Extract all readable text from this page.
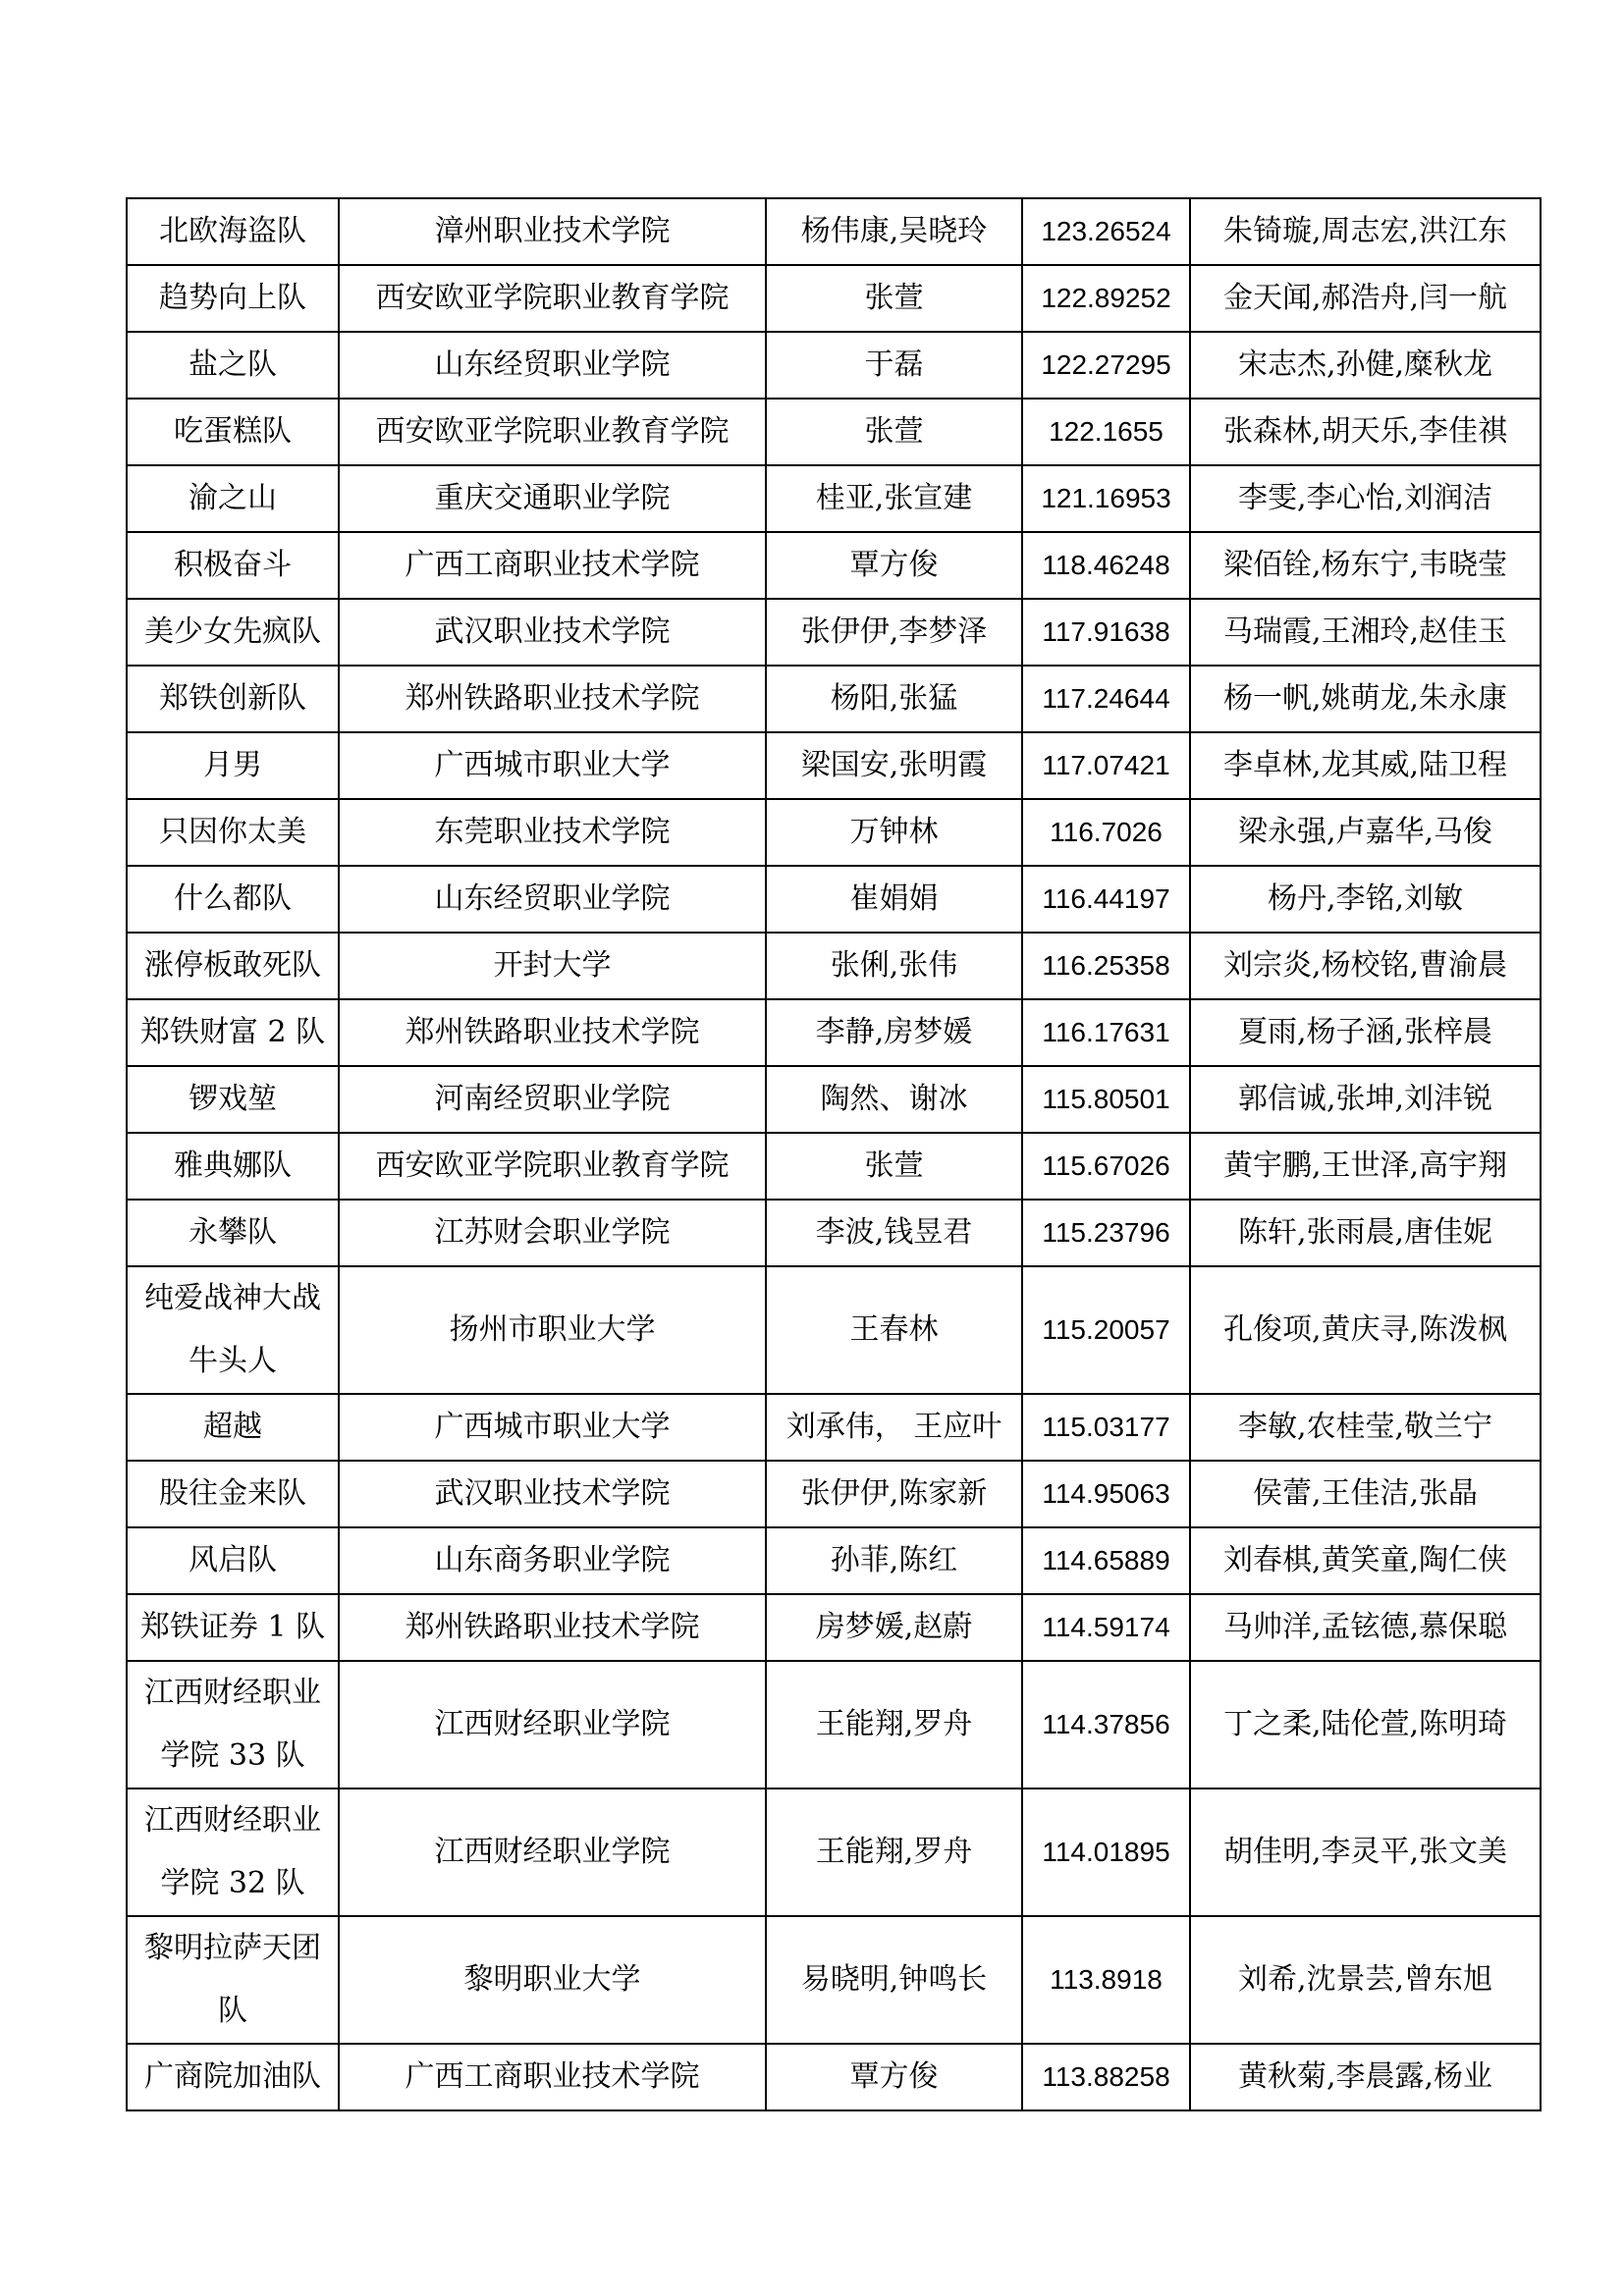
北欧海盗队	漳州职业技术学院	杨伟康,吴晓玲	123.26524	朱锜璇,周志宏,洪江东
趋势向上队	西安欧亚学院职业教育学院	张萱	122.89252	金天闻,郝浩舟,闫一航
盐之队	山东经贸职业学院	于磊	122.27295	宋志杰,孙健,糜秋龙
吃蛋糕队	西安欧亚学院职业教育学院	张萱	122.1655	张森林,胡天乐,李佳祺
渝之山	重庆交通职业学院	桂亚,张宣建	121.16953	李雯,李心怡,刘润洁
积极奋斗	广西工商职业技术学院	覃方俊	118.46248	梁佰铨,杨东宁,韦晓莹
美少女先疯队	武汉职业技术学院	张伊伊,李梦泽	117.91638	马瑞霞,王湘玲,赵佳玉
郑铁创新队	郑州铁路职业技术学院	杨阳,张猛	117.24644	杨一帆,姚萌龙,朱永康
月男	广西城市职业大学	梁国安,张明霞	117.07421	李卓林,龙其威,陆卫程
只因你太美	东莞职业技术学院	万钟林	116.7026	梁永强,卢嘉华,马俊
什么都队	山东经贸职业学院	崔娟娟	116.44197	杨丹,李铭,刘敏
涨停板敢死队	开封大学	张俐,张伟	116.25358	刘宗炎,杨校铭,曹渝晨
郑铁财富 2 队	郑州铁路职业技术学院	李静,房梦媛	116.17631	夏雨,杨子涵,张梓晨
锣戏堃	河南经贸职业学院	陶然、谢冰	115.80501	郭信诚,张坤,刘沣锐
雅典娜队	西安欧亚学院职业教育学院	张萱	115.67026	黄宇鹏,王世泽,高宇翔
永攀队	江苏财会职业学院	李波,钱昱君	115.23796	陈轩,张雨晨,唐佳妮
纯爱战神大战牛头人	扬州市职业大学	王春林	115.20057	孔俊项,黄庆寻,陈泼枫
超越	广西城市职业大学	刘承伟， 王应叶	115.03177	李敏,农桂莹,敬兰宁
股往金来队	武汉职业技术学院	张伊伊,陈家新	114.95063	侯蕾,王佳洁,张晶
风启队	山东商务职业学院	孙菲,陈红	114.65889	刘春棋,黄笑童,陶仁侠
郑铁证券 1 队	郑州铁路职业技术学院	房梦媛,赵蔚	114.59174	马帅洋,孟铉德,慕保聪
江西财经职业学院 33 队	江西财经职业学院	王能翔,罗舟	114.37856	丁之柔,陆伦萱,陈明琦
江西财经职业学院 32 队	江西财经职业学院	王能翔,罗舟	114.01895	胡佳明,李灵平,张文美
黎明拉萨天团队	黎明职业大学	易晓明,钟鸣长	113.8918	刘希,沈景芸,曾东旭
广商院加油队	广西工商职业技术学院	覃方俊	113.88258	黄秋菊,李晨露,杨业
